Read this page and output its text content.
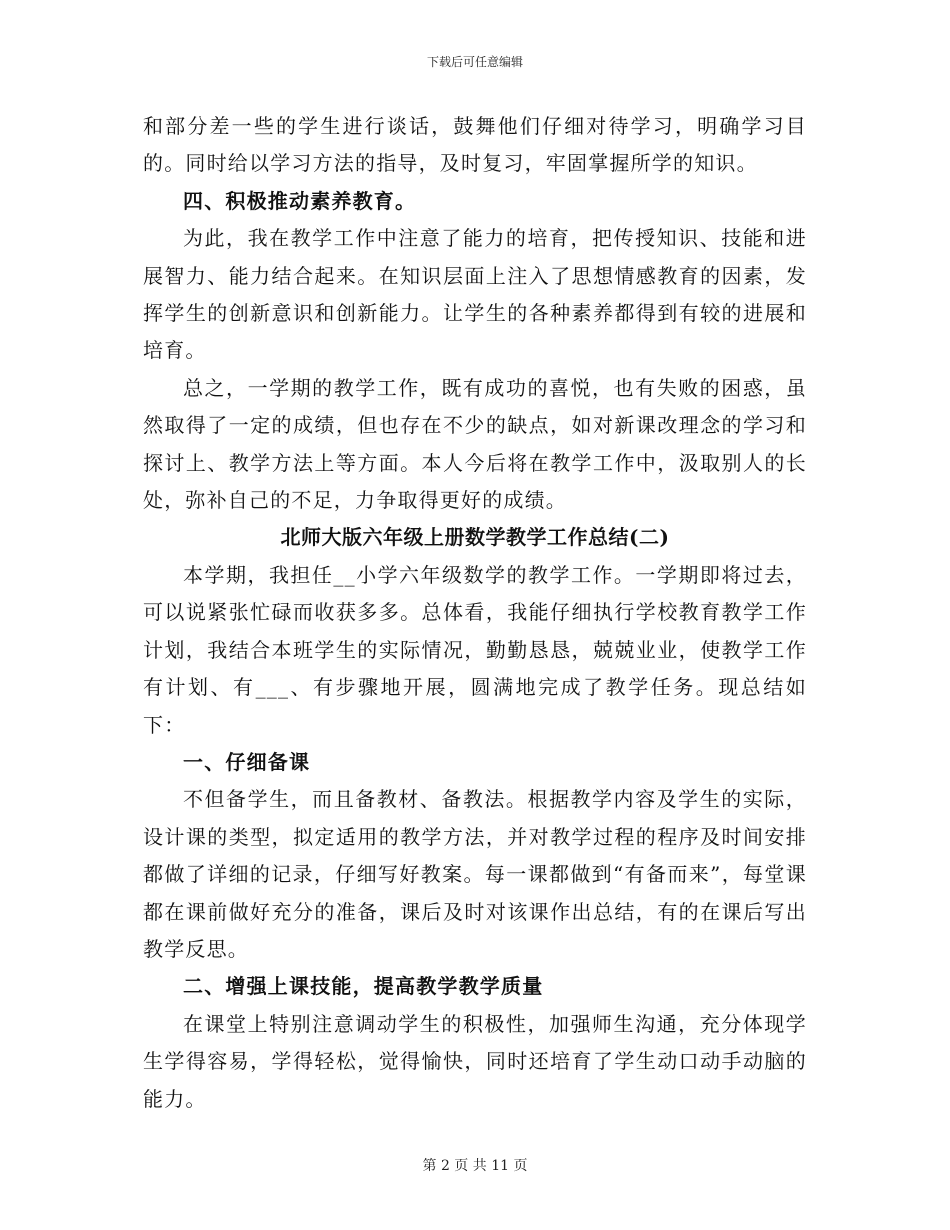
下载后可任意编辑

和部分差一些的学生进行谈话，鼓舞他们仔细对待学习，明确学习目的。同时给以学习方法的指导，及时复习，牢固掌握所学的知识。

四、积极推动素养教育。

为此，我在教学工作中注意了能力的培育，把传授知识、技能和进展智力、能力结合起来。在知识层面上注入了思想情感教育的因素，发挥学生的创新意识和创新能力。让学生的各种素养都得到有较的进展和培育。

总之，一学期的教学工作，既有成功的喜悦，也有失败的困惑，虽然取得了一定的成绩，但也存在不少的缺点，如对新课改理念的学习和探讨上、教学方法上等方面。本人今后将在教学工作中，汲取别人的长处，弥补自己的不足，力争取得更好的成绩。

北师大版六年级上册数学教学工作总结(二)

本学期，我担任__小学六年级数学的教学工作。一学期即将过去，可以说紧张忙碌而收获多多。总体看，我能仔细执行学校教育教学工作计划，我结合本班学生的实际情况，勤勤恳恳，兢兢业业，使教学工作有计划、有___、有步骤地开展，圆满地完成了教学任务。现总结如下：

一、仔细备课

不但备学生，而且备教材、备教法。根据教学内容及学生的实际，设计课的类型，拟定适用的教学方法，并对教学过程的程序及时间安排都做了详细的记录，仔细写好教案。每一课都做到“有备而来”，每堂课都在课前做好充分的准备，课后及时对该课作出总结，有的在课后写出教学反思。

二、增强上课技能，提高教学教学质量

在课堂上特别注意调动学生的积极性，加强师生沟通，充分体现学生学得容易，学得轻松，觉得愉快，同时还培育了学生动口动手动脑的能力。

第 2 页 共 11 页
